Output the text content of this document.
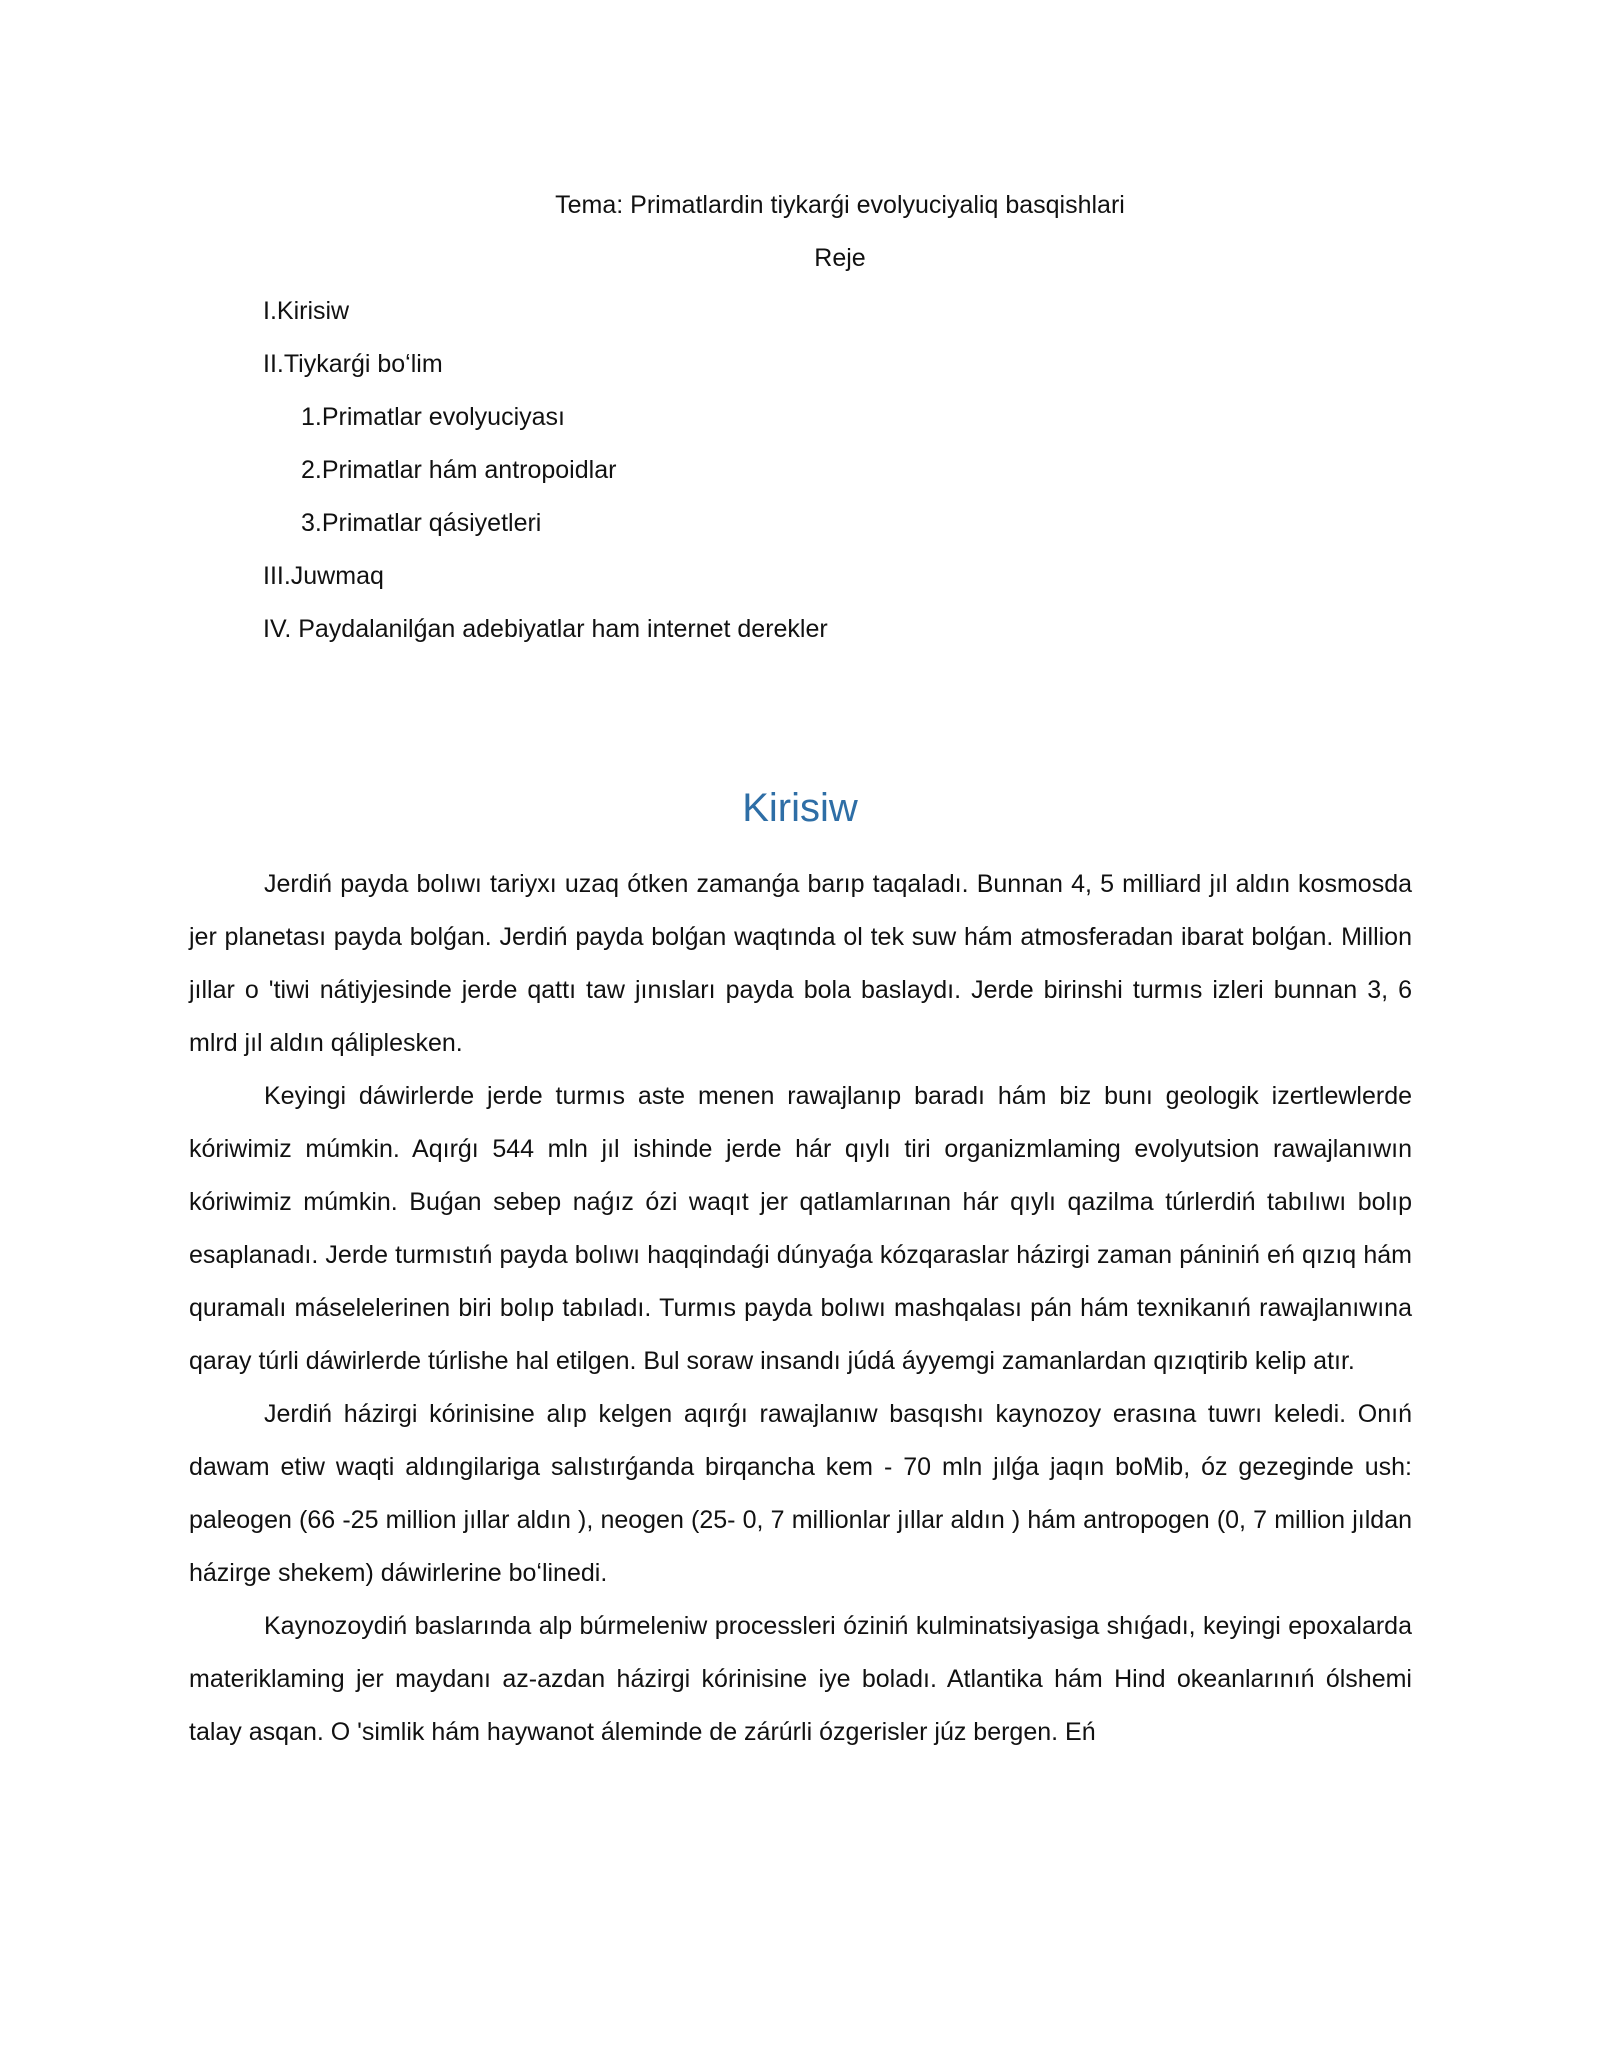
Tema: Primatlardin tiykarǵi evolyuciyaliq basqishlari
Reje
I.Kirisiw
II.Tiykarǵi boʻlim
1.Primatlar evolyuciyası
2.Primatlar hám antropoidlar
3.Primatlar qásiyetleri
III.Juwmaq
IV. Paydalanilǵan adebiyatlar ham internet derekler
Kirisiw

Jerdiń payda bolıwı tariyxı uzaq ótken zamanǵa barıp taqaladı. Bunnan 4, 5 milliard jıl aldın kosmosda jer planetası payda bolǵan. Jerdiń payda bolǵan waqtında ol tek suw hám atmosferadan ibarat bolǵan. Million jıllar o 'tiwi nátiyjesinde jerde qattı taw jınısları payda bola baslaydı. Jerde birinshi turmıs izleri bunnan 3, 6 mlrd jıl aldın qáliplesken.

Keyingi dáwirlerde jerde turmıs aste menen rawajlanıp baradı hám biz bunı geologik izertlewlerde kóriwimiz múmkin. Aqırǵı 544 mln jıl ishinde jerde hár qıylı tiri organizmlaming evolyutsion rawajlanıwın kóriwimiz múmkin. Buǵan sebep naǵız ózi waqıt jer qatlamlarınan hár qıylı qazilma túrlerdiń tabılıwı bolıp esaplanadı. Jerde turmıstıń payda bolıwı haqqindaǵi dúnyaǵa kózqaraslar házirgi zaman pániniń eń qızıq hám quramalı máselelerinen biri bolıp tabıladı. Turmıs payda bolıwı mashqalası pán hám texnikanıń rawajlanıwına qaray túrli dáwirlerde túrlishe hal etilgen. Bul soraw insandı júdá áyyemgi zamanlardan qızıqtirib kelip atır.

Jerdiń házirgi kórinisine alıp kelgen aqırǵı rawajlanıw basqıshı kaynozoy erasına tuwrı keledi. Onıń dawam etiw waqti aldıngilariga salıstırǵanda birqancha kem - 70 mln jılǵa jaqın boMib, óz gezeginde ush: paleogen (66 -25 million jıllar aldın ), neogen (25- 0, 7 millionlar jıllar aldın ) hám antropogen (0, 7 million jıldan házirge shekem) dáwirlerine boʻlinedi.

Kaynozoydiń baslarında alp búrmeleniw processleri óziniń kulminatsiyasiga shıǵadı, keyingi epoxalarda materiklaming jer maydanı az-azdan házirgi kórinisine iye boladı. Atlantika hám Hind okeanlarınıń ólshemi talay asqan. O 'simlik hám haywanot áleminde de zárúrli ózgerisler júz bergen. Eń
